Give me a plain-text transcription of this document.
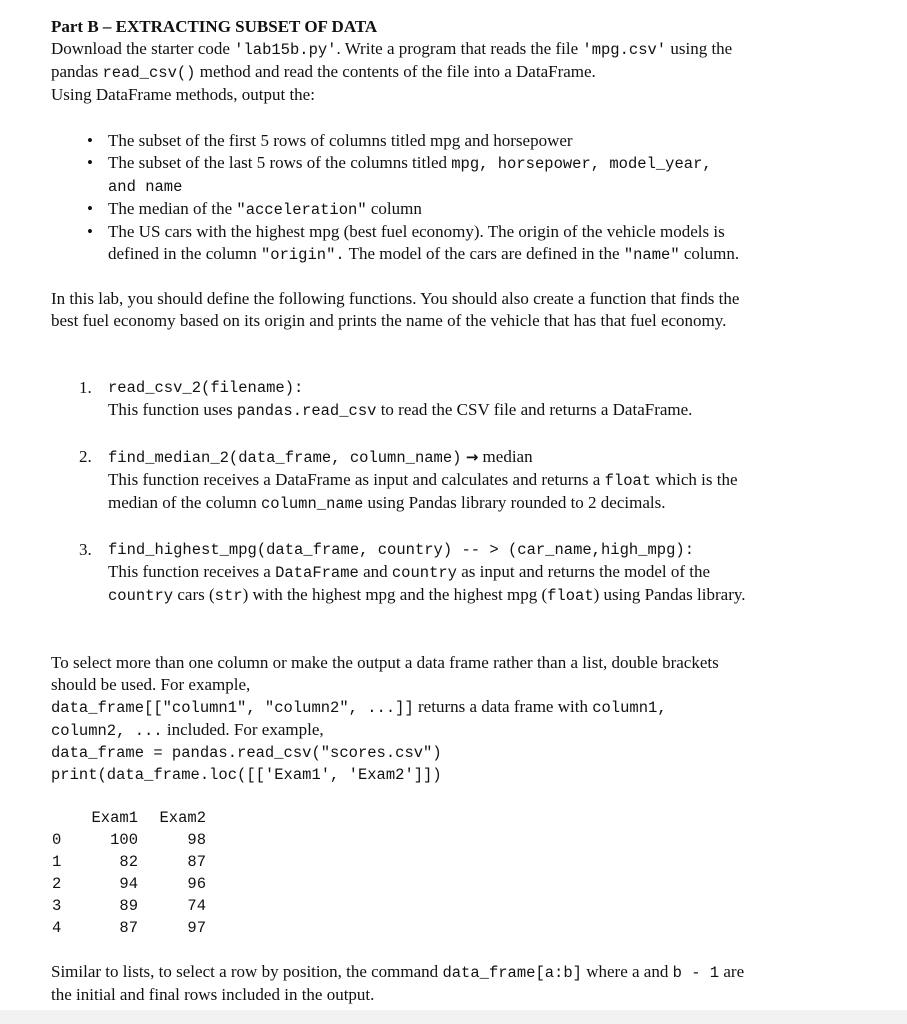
Part B – EXTRACTING SUBSET OF DATA
Download the starter code 'lab15b.py'. Write a program that reads the file 'mpg.csv' using the
pandas read_csv() method and read the contents of the file into a DataFrame.
Using DataFrame methods, output the:
• The subset of the first 5 rows of columns titled mpg and horsepower
• The subset of the last 5 rows of the columns titled mpg, horsepower, model_year,
and name
• The median of the "acceleration" column
• The US cars with the highest mpg (best fuel economy). The origin of the vehicle models is
defined in the column "origin". The model of the cars are defined in the "name" column.
In this lab, you should define the following functions. You should also create a function that finds the
best fuel economy based on its origin and prints the name of the vehicle that has that fuel economy.
1. read_csv_2(filename):
This function uses pandas.read_csv to read the CSV file and returns a DataFrame.
2. find_median_2(data_frame, column_name) → median
This function receives a DataFrame as input and calculates and returns a float which is the
median of the column column_name using Pandas library rounded to 2 decimals.
3. find_highest_mpg(data_frame, country) -- > (car_name,high_mpg):
This function receives a DataFrame and country as input and returns the model of the
country cars (str) with the highest mpg and the highest mpg (float) using Pandas library.
To select more than one column or make the output a data frame rather than a list, double brackets
should be used. For example,
data_frame[["column1", "column2", ...]] returns a data frame with column1,
column2, ... included. For example,
data_frame = pandas.read_csv("scores.csv")
print(data_frame.loc([['Exam1', 'Exam2']])
	Exam1	Exam2
0	100	98
1	82	87
2	94	96
3	89	74
4	87	97
Similar to lists, to select a row by position, the command data_frame[a:b] where a and b - 1 are
the initial and final rows included in the output.
